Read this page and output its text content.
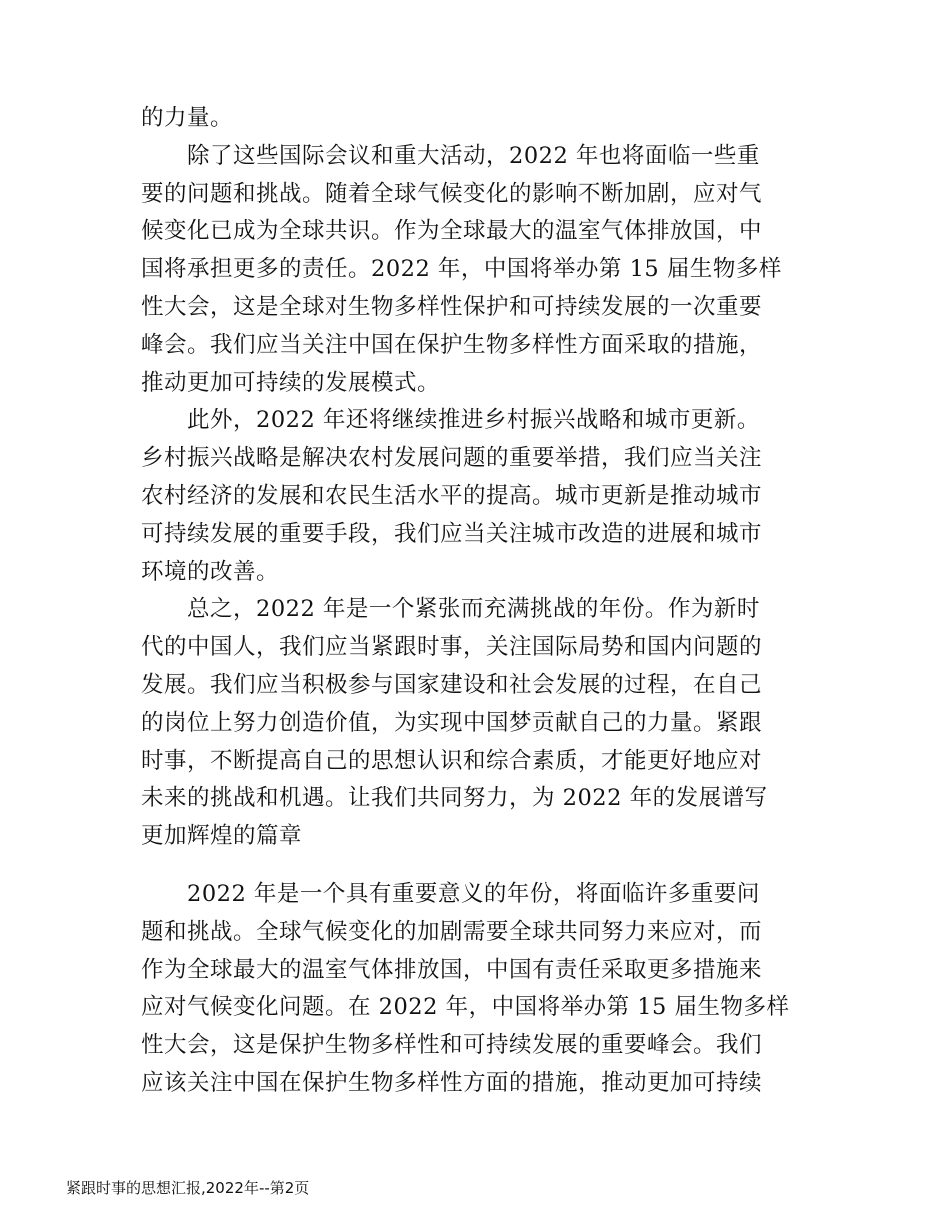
的力量。
　　除了这些国际会议和重大活动，2022 年也将面临一些重
要的问题和挑战。随着全球气候变化的影响不断加剧，应对气
候变化已成为全球共识。作为全球最大的温室气体排放国，中
国将承担更多的责任。2022 年，中国将举办第 15 届生物多样
性大会，这是全球对生物多样性保护和可持续发展的一次重要
峰会。我们应当关注中国在保护生物多样性方面采取的措施，
推动更加可持续的发展模式。
　　此外，2022 年还将继续推进乡村振兴战略和城市更新。
乡村振兴战略是解决农村发展问题的重要举措，我们应当关注
农村经济的发展和农民生活水平的提高。城市更新是推动城市
可持续发展的重要手段，我们应当关注城市改造的进展和城市
环境的改善。
　　总之，2022 年是一个紧张而充满挑战的年份。作为新时
代的中国人，我们应当紧跟时事，关注国际局势和国内问题的
发展。我们应当积极参与国家建设和社会发展的过程，在自己
的岗位上努力创造价值，为实现中国梦贡献自己的力量。紧跟
时事，不断提高自己的思想认识和综合素质，才能更好地应对
未来的挑战和机遇。让我们共同努力，为 2022 年的发展谱写
更加辉煌的篇章
　　2022 年是一个具有重要意义的年份，将面临许多重要问
题和挑战。全球气候变化的加剧需要全球共同努力来应对，而
作为全球最大的温室气体排放国，中国有责任采取更多措施来
应对气候变化问题。在 2022 年，中国将举办第 15 届生物多样
性大会，这是保护生物多样性和可持续发展的重要峰会。我们
应该关注中国在保护生物多样性方面的措施，推动更加可持续
紧跟时事的思想汇报,2022年--第2页
